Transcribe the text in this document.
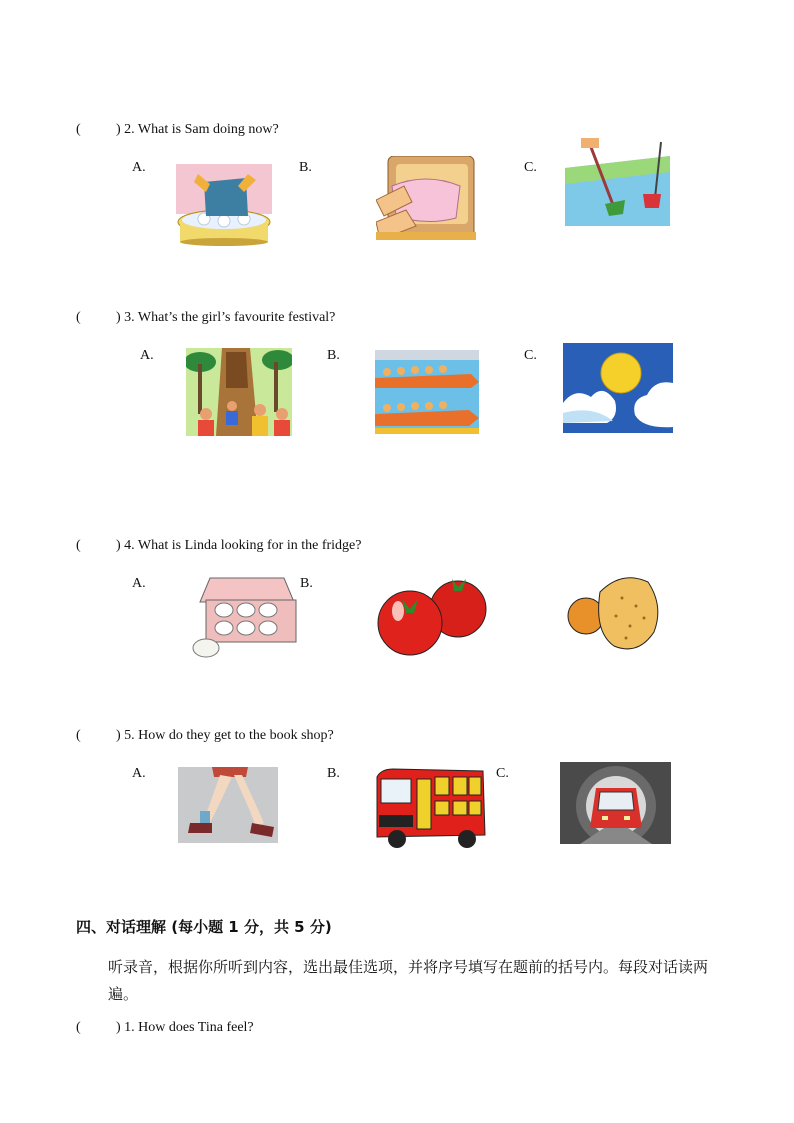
(	) 2. What is Sam doing now?
A.	B.	C.
(	) 3. What’s the girl’s favourite festival?
A.	B.	C.
(	) 4. What is Linda looking for in the fridge?
A.	B.
(	) 5. How do they get to the book shop?
A.	B.	C.
四、对话理解 (每小题 1 分，共 5 分)
听录音，根据你所听到内容，选出最佳选项，并将序号填写在题前的括号内。每段对话读两遍。
(	) 1. How does Tina feel?
